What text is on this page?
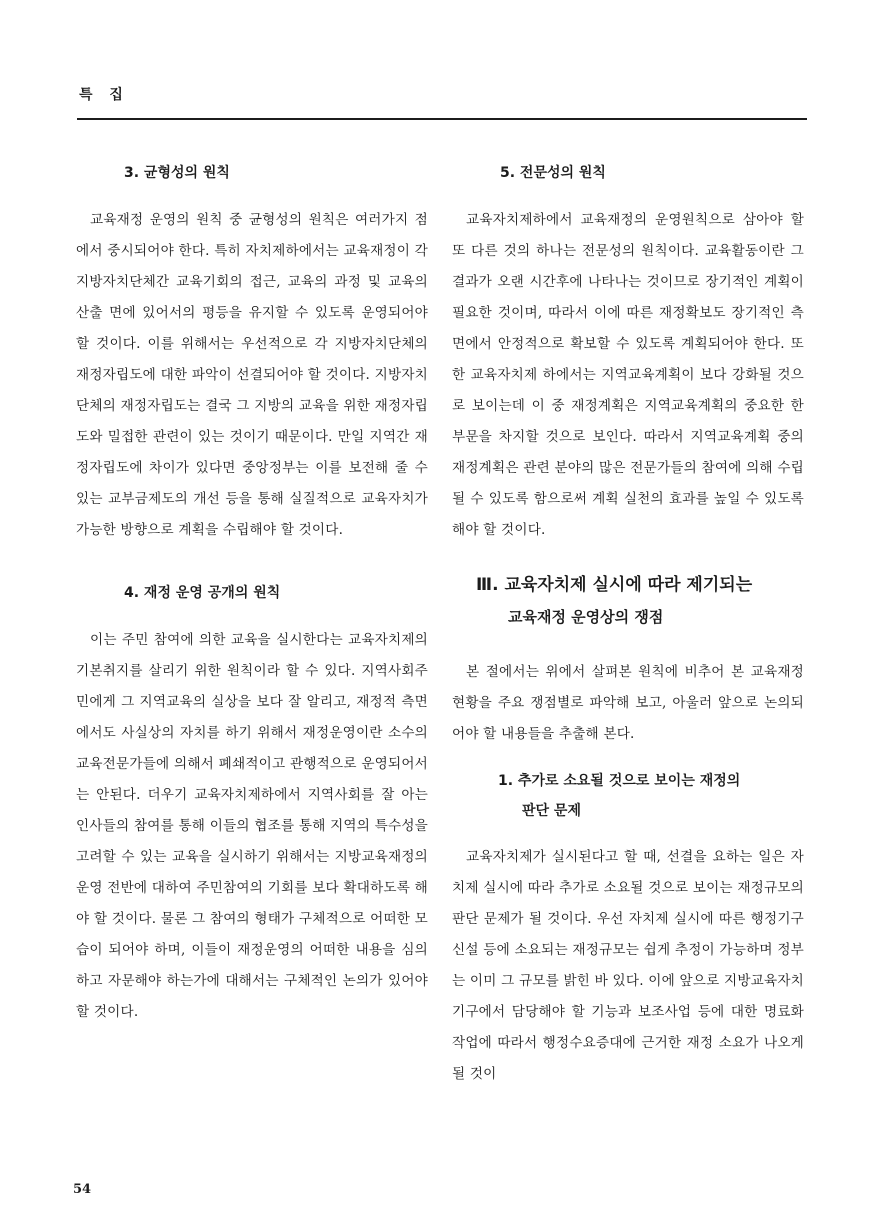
특 집
3. 균형성의 원칙

교육재정 운영의 원칙 중 균형성의 원칙은 여러가지 점에서 중시되어야 한다. 특히 자치제하에서는 교육재정이 각 지방자치단체간 교육기회의 접근, 교육의 과정 및 교육의 산출 면에 있어서의 평등을 유지할 수 있도록 운영되어야 할 것이다. 이를 위해서는 우선적으로 각 지방자치단체의 재정자립도에 대한 파악이 선결되어야 할 것이다. 지방자치단체의 재정자립도는 결국 그 지방의 교육을 위한 재정자립도와 밀접한 관련이 있는 것이기 때문이다. 만일 지역간 재정자립도에 차이가 있다면 중앙정부는 이를 보전해 줄 수 있는 교부금제도의 개선 등을 통해 실질적으로 교육자치가 가능한 방향으로 계획을 수립해야 할 것이다.

4. 재정 운영 공개의 원칙

이는 주민 참여에 의한 교육을 실시한다는 교육자치제의 기본취지를 살리기 위한 원칙이라 할 수 있다. 지역사회주민에게 그 지역교육의 실상을 보다 잘 알리고, 재정적 측면에서도 사실상의 자치를 하기 위해서 재정운영이란 소수의 교육전문가들에 의해서 폐쇄적이고 관행적으로 운영되어서는 안된다. 더우기 교육자치제하에서 지역사회를 잘 아는 인사들의 참여를 통해 이들의 협조를 통해 지역의 특수성을 고려할 수 있는 교육을 실시하기 위해서는 지방교육재정의 운영 전반에 대하여 주민참여의 기회를 보다 확대하도록 해야 할 것이다. 물론 그 참여의 형태가 구체적으로 어떠한 모습이 되어야 하며, 이들이 재정운영의 어떠한 내용을 심의하고 자문해야 하는가에 대해서는 구체적인 논의가 있어야 할 것이다.

5. 전문성의 원칙

교육자치제하에서 교육재정의 운영원칙으로 삼아야 할 또 다른 것의 하나는 전문성의 원칙이다. 교육활동이란 그 결과가 오랜 시간후에 나타나는 것이므로 장기적인 계획이 필요한 것이며, 따라서 이에 따른 재정확보도 장기적인 측면에서 안정적으로 확보할 수 있도록 계획되어야 한다. 또한 교육자치제 하에서는 지역교육계획이 보다 강화될 것으로 보이는데 이 중 재정계획은 지역교육계획의 중요한 한 부문을 차지할 것으로 보인다. 따라서 지역교육계획 중의 재정계획은 관련 분야의 많은 전문가들의 참여에 의해 수립될 수 있도록 함으로써 계획 실천의 효과를 높일 수 있도록 해야 할 것이다.

Ⅲ. 교육자치제 실시에 따라 제기되는
교육재정 운영상의 쟁점

본 절에서는 위에서 살펴본 원칙에 비추어 본 교육재정 현황을 주요 쟁점별로 파악해 보고, 아울러 앞으로 논의되어야 할 내용들을 추출해 본다.

1. 추가로 소요될 것으로 보이는 재정의
판단 문제

교육자치제가 실시된다고 할 때, 선결을 요하는 일은 자치제 실시에 따라 추가로 소요될 것으로 보이는 재정규모의 판단 문제가 될 것이다. 우선 자치제 실시에 따른 행정기구 신설 등에 소요되는 재정규모는 쉽게 추정이 가능하며 정부는 이미 그 규모를 밝힌 바 있다. 이에 앞으로 지방교육자치기구에서 담당해야 할 기능과 보조사업 등에 대한 명료화 작업에 따라서 행정수요증대에 근거한 재정 소요가 나오게 될 것이

54
